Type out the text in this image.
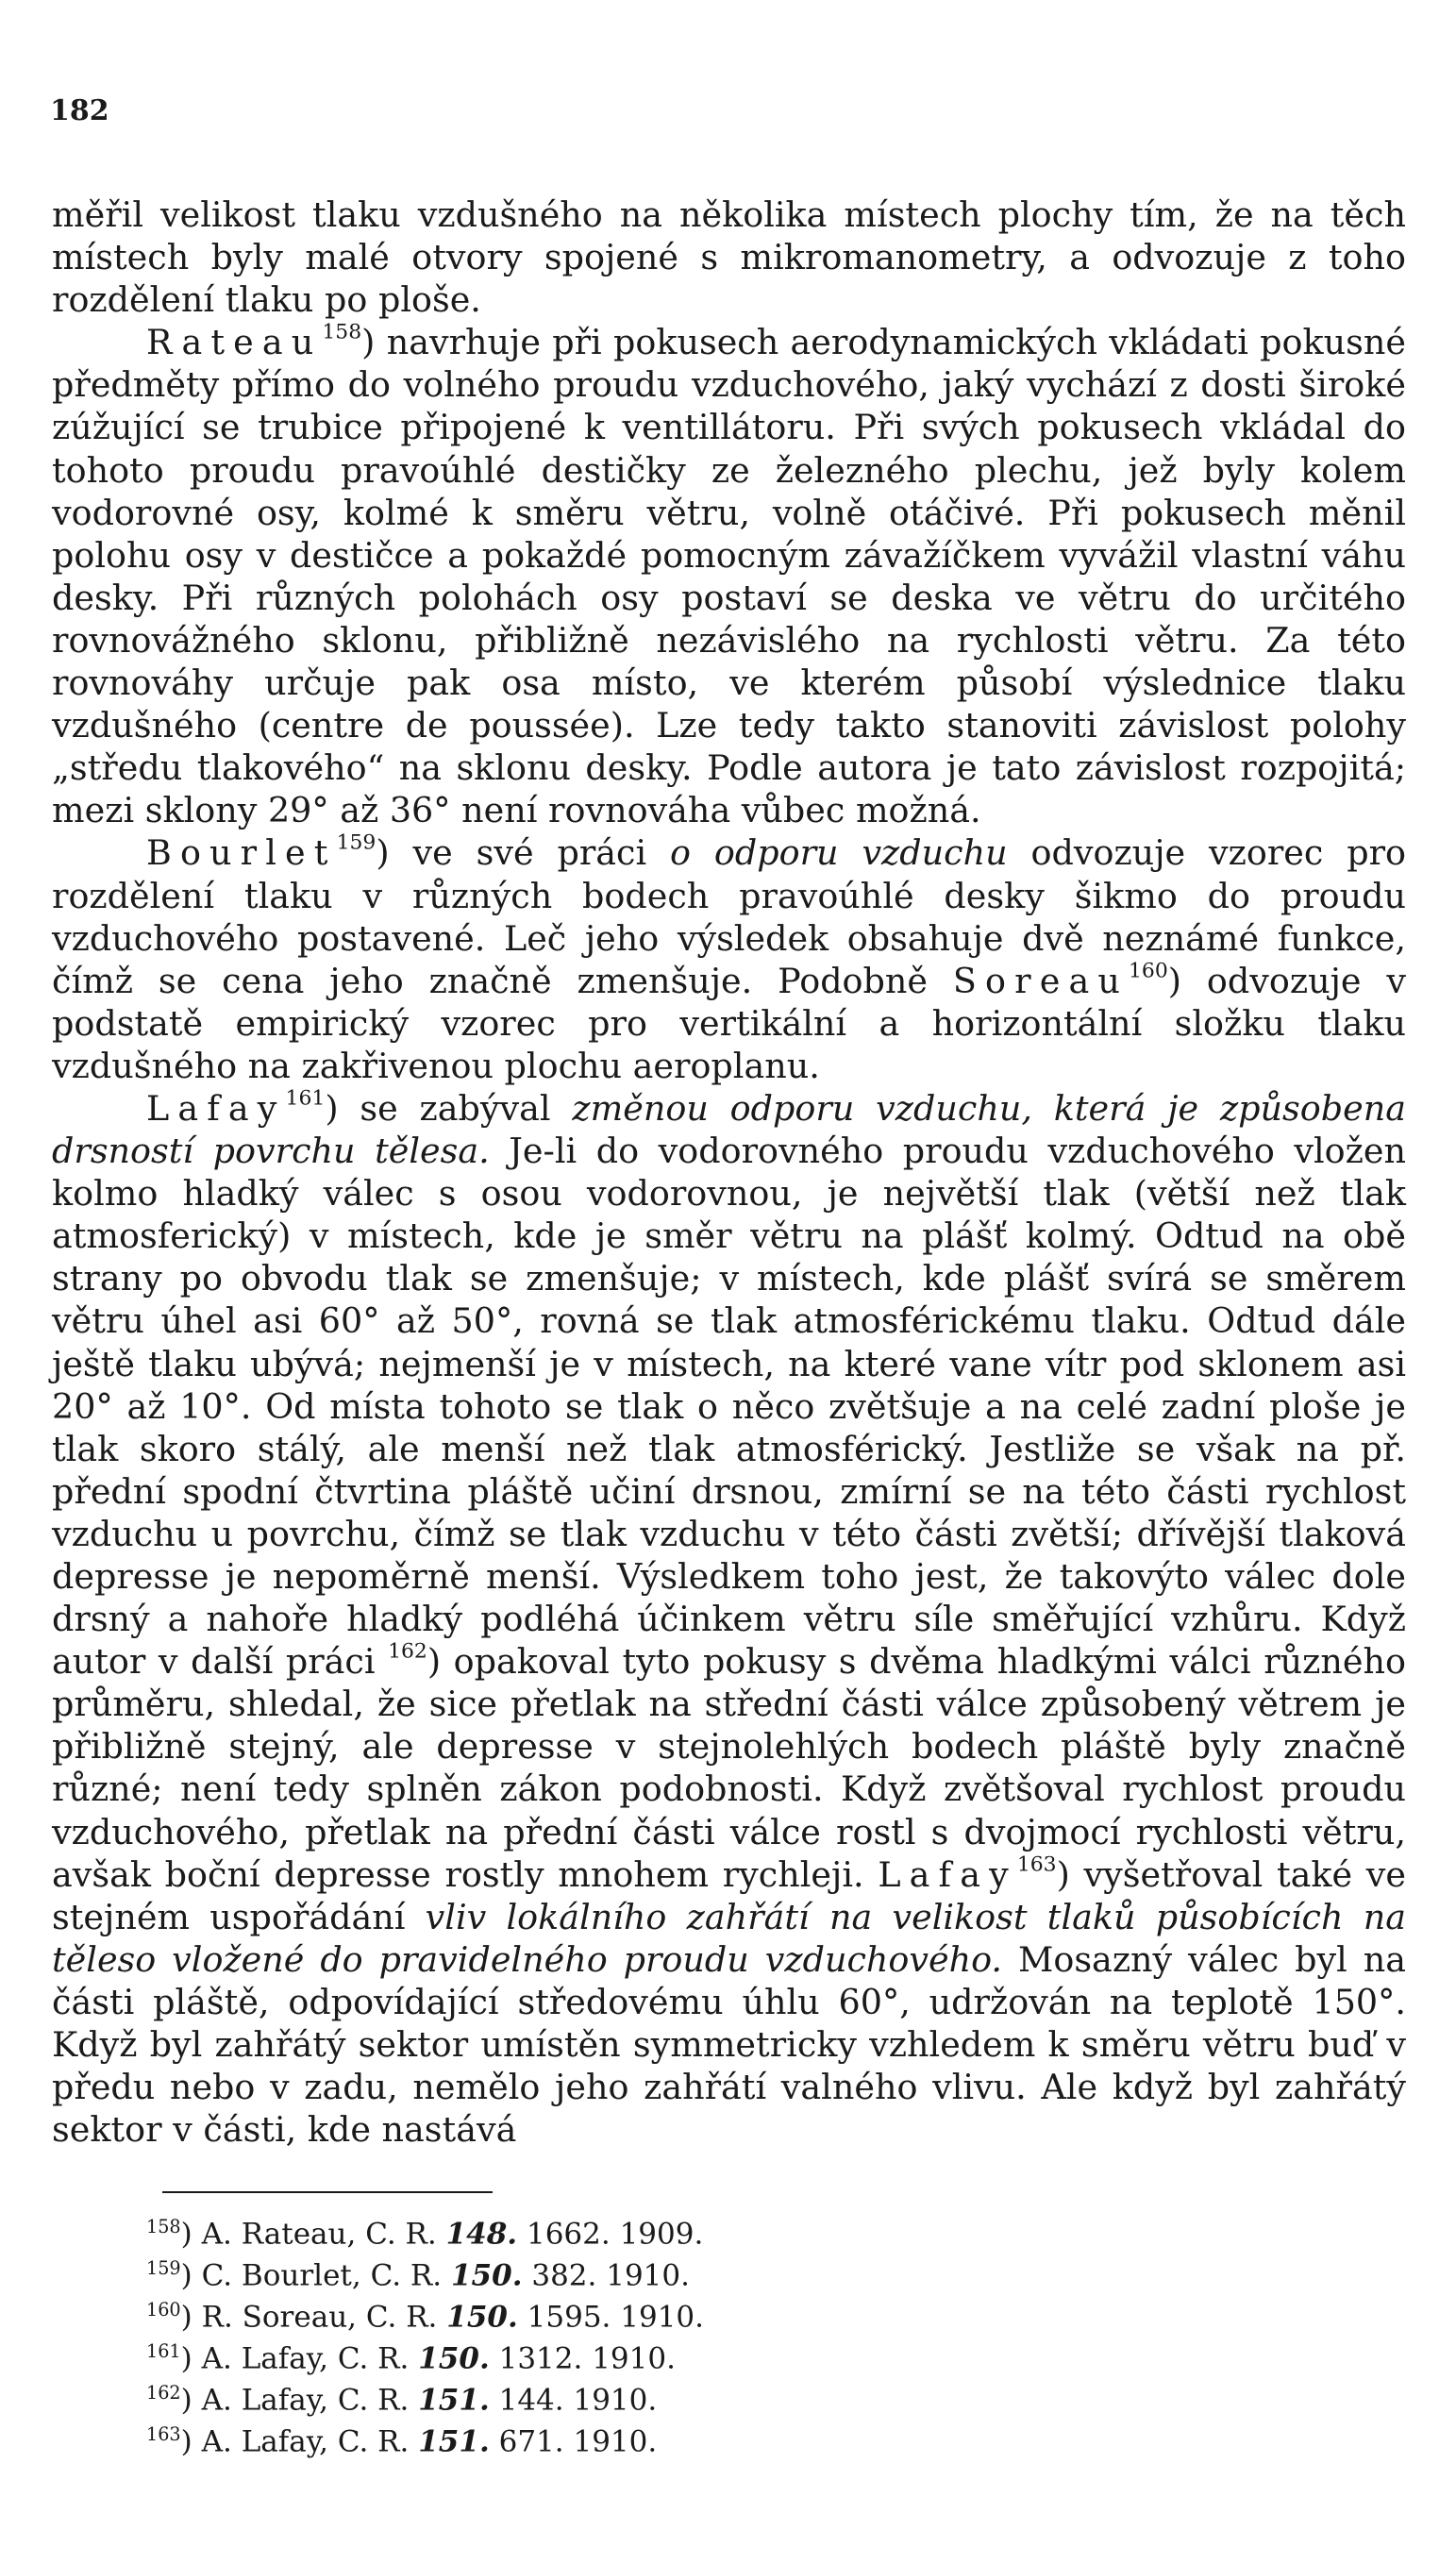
182

měřil velikost tlaku vzdušného na několika místech plochy tím, že na těch místech byly malé otvory spojené s mikromanometry, a odvozuje z toho rozdělení tlaku po ploše.

Rateau$^{158}$) navrhuje při pokusech aerodynamických vkládati pokusné předměty přímo do volného proudu vzduchového, jaký vychází z dosti široké zúžující se trubice připojené k ventillátoru. Při svých pokusech vkládal do tohoto proudu pravoúhlé destičky ze železného plechu, jež byly kolem vodorovné osy, kolmé k směru větru, volně otáčivé. Při pokusech měnil polohu osy v destičce a pokaždé pomocným závažíčkem vyvážil vlastní váhu desky. Při různých polohách osy postaví se deska ve větru do určitého rovnovážného sklonu, přibližně nezávislého na rychlosti větru. Za této rovnováhy určuje pak osa místo, ve kterém působí výslednice tlaku vzdušného (centre de poussée). Lze tedy takto stanoviti závislost polohy „středu tlakového“ na sklonu desky. Podle autora je tato závislost rozpojitá; mezi sklony 29° až 36° není rovnováha vůbec možná.

Bourlet$^{159}$) ve své práci o odporu vzduchu odvozuje vzorec pro rozdělení tlaku v různých bodech pravoúhlé desky šikmo do proudu vzduchového postavené. Leč jeho výsledek obsahuje dvě neznámé funkce, čímž se cena jeho značně zmenšuje. Podobně Soreau$^{160}$) odvozuje v podstatě empirický vzorec pro vertikální a horizontální složku tlaku vzdušného na zakřivenou plochu aeroplanu.

Lafay$^{161}$) se zabýval změnou odporu vzduchu, která je způsobena drsností povrchu tělesa. Je-li do vodorovného proudu vzduchového vložen kolmo hladký válec s osou vodorovnou, je největší tlak (větší než tlak atmosferický) v místech, kde je směr větru na plášť kolmý. Odtud na obě strany po obvodu tlak se zmenšuje; v místech, kde plášť svírá se směrem větru úhel asi 60° až 50°, rovná se tlak atmosférickému tlaku. Odtud dále ještě tlaku ubývá; nejmenší je v místech, na které vane vítr pod sklonem asi 20° až 10°. Od místa tohoto se tlak o něco zvětšuje a na celé zadní ploše je tlak skoro stálý, ale menší než tlak atmosférický. Jestliže se však na př. přední spodní čtvrtina pláště učiní drsnou, zmírní se na této části rychlost vzduchu u povrchu, čímž se tlak vzduchu v této části zvětší; dřívější tlaková depresse je nepoměrně menší. Výsledkem toho jest, že takovýto válec dole drsný a nahoře hladký podléhá účinkem větru síle směřující vzhůru. Když autor v další práci $^{162}$) opakoval tyto pokusy s dvěma hladkými válci různého průměru, shledal, že sice přetlak na střední části válce způsobený větrem je přibližně stejný, ale depresse v stejnolehlých bodech pláště byly značně různé; není tedy splněn zákon podobnosti. Když zvětšoval rychlost proudu vzduchového, přetlak na přední části válce rostl s dvojmocí rychlosti větru, avšak boční depresse rostly mnohem rychleji. Lafay$^{163}$) vyšetřoval také ve stejném uspořádání vliv lokálního zahřátí na velikost tlaků působících na těleso vložené do pravidelného proudu vzduchového. Mosazný válec byl na části pláště, odpovídající středovému úhlu 60°, udržován na teplotě 150°. Když byl zahřátý sektor umístěn symmetricky vzhledem k směru větru buď v předu nebo v zadu, nemělo jeho zahřátí valného vlivu. Ale když byl zahřátý sektor v části, kde nastává

$^{158}$) A. Rateau, C. R. 148. 1662. 1909.
$^{159}$) C. Bourlet, C. R. 150. 382. 1910.
$^{160}$) R. Soreau, C. R. 150. 1595. 1910.
$^{161}$) A. Lafay, C. R. 150. 1312. 1910.
$^{162}$) A. Lafay, C. R. 151. 144. 1910.
$^{163}$) A. Lafay, C. R. 151. 671. 1910.
